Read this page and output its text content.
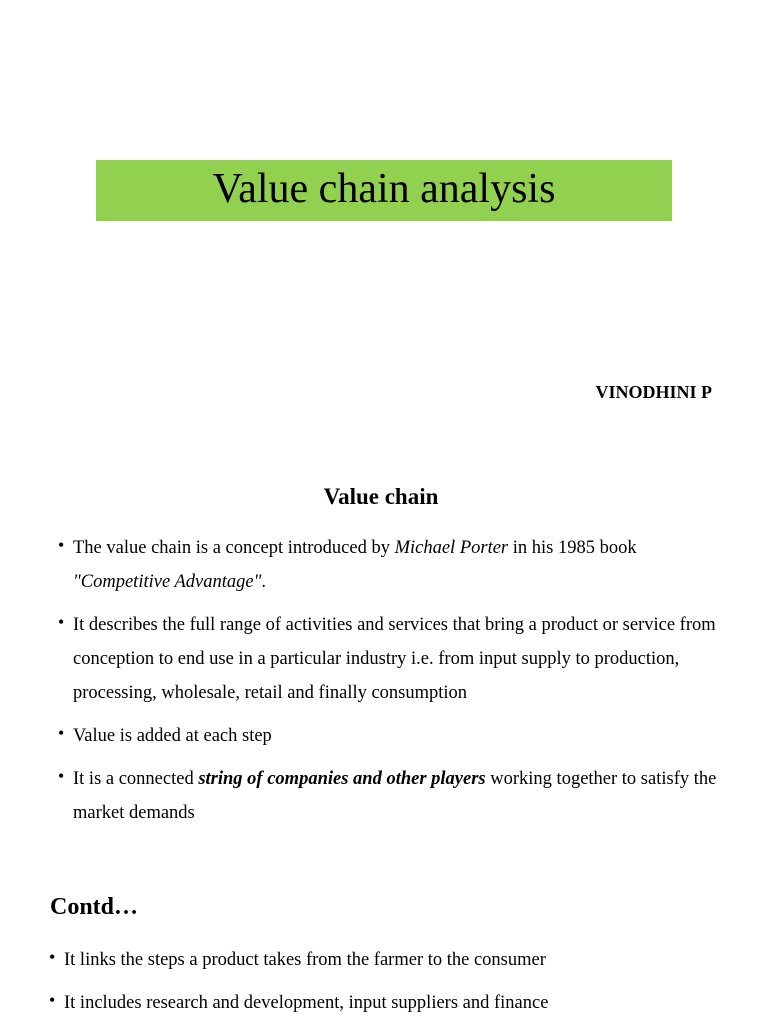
Value chain analysis
VINODHINI P
Value chain
• The value chain is a concept introduced by Michael Porter in his 1985 book "Competitive Advantage".
• It describes the full range of activities and services that bring a product or service from conception to end use in a particular industry i.e. from input supply to production, processing, wholesale, retail and finally consumption
• Value is added at each step
• It is a connected string of companies and other players working together to satisfy the market demands
Contd…
• It links the steps a product takes from the farmer to the consumer
• It includes research and development, input suppliers and finance
